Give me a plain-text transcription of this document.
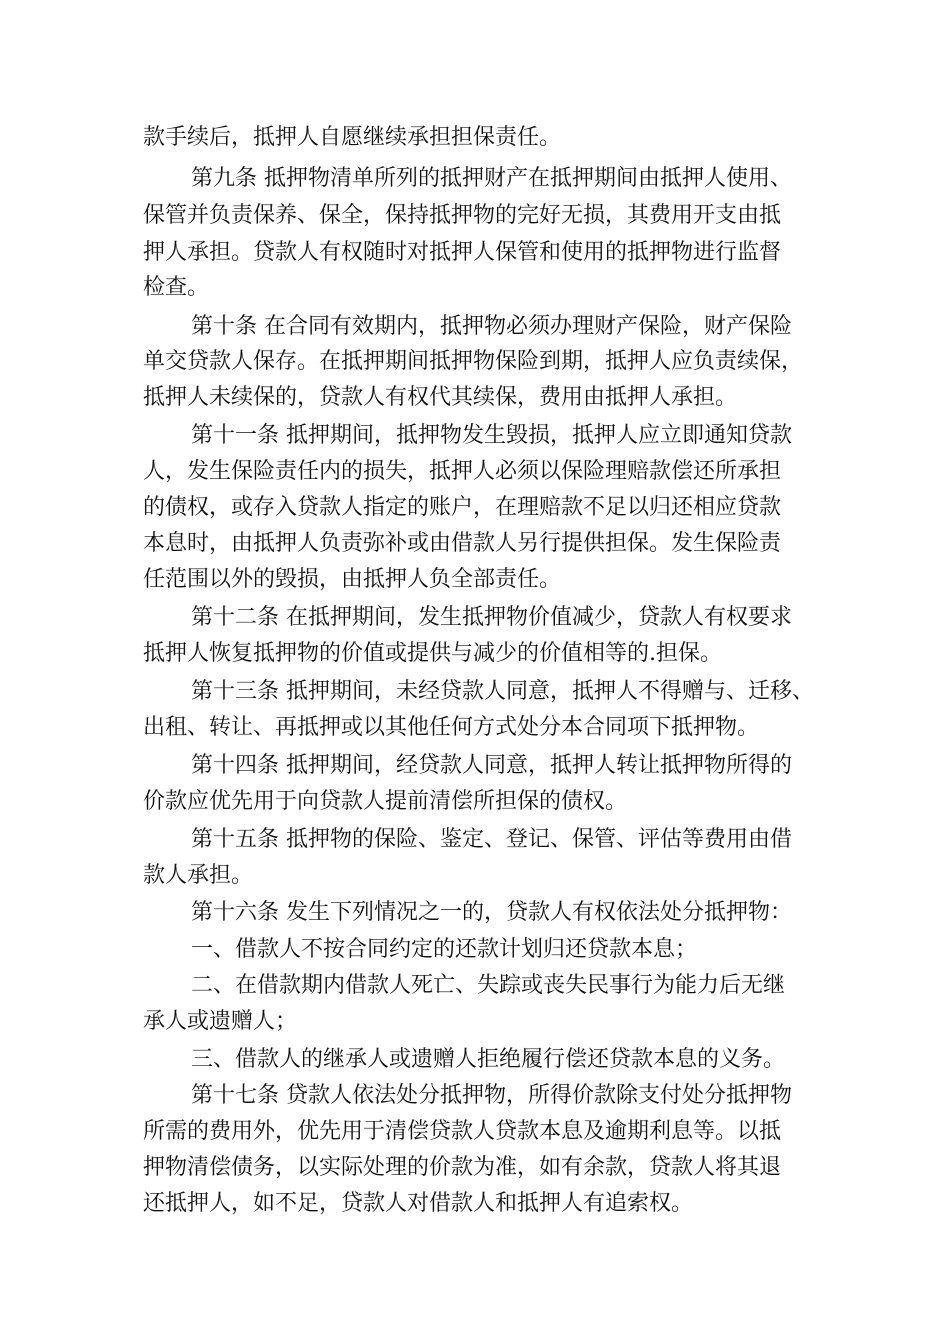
款手续后，抵押人自愿继续承担担保责任。
第九条 抵押物清单所列的抵押财产在抵押期间由抵押人使用、
保管并负责保养、保全，保持抵押物的完好无损，其费用开支由抵
押人承担。贷款人有权随时对抵押人保管和使用的抵押物进行监督
检查。
第十条 在合同有效期内，抵押物必须办理财产保险，财产保险
单交贷款人保存。在抵押期间抵押物保险到期，抵押人应负责续保，
抵押人未续保的，贷款人有权代其续保，费用由抵押人承担。
第十一条 抵押期间，抵押物发生毁损，抵押人应立即通知贷款
人，发生保险责任内的损失，抵押人必须以保险理赔款偿还所承担
的债权，或存入贷款人指定的账户，在理赔款不足以归还相应贷款
本息时，由抵押人负责弥补或由借款人另行提供担保。发生保险责
任范围以外的毁损，由抵押人负全部责任。
第十二条 在抵押期间，发生抵押物价值减少，贷款人有权要求
抵押人恢复抵押物的价值或提供与减少的价值相等的.担保。
第十三条 抵押期间，未经贷款人同意，抵押人不得赠与、迁移、
出租、转让、再抵押或以其他任何方式处分本合同项下抵押物。
第十四条 抵押期间，经贷款人同意，抵押人转让抵押物所得的
价款应优先用于向贷款人提前清偿所担保的债权。
第十五条 抵押物的保险、鉴定、登记、保管、评估等费用由借
款人承担。
第十六条 发生下列情况之一的，贷款人有权依法处分抵押物：
一、借款人不按合同约定的还款计划归还贷款本息；
二、在借款期内借款人死亡、失踪或丧失民事行为能力后无继
承人或遗赠人；
三、借款人的继承人或遗赠人拒绝履行偿还贷款本息的义务。
第十七条 贷款人依法处分抵押物，所得价款除支付处分抵押物
所需的费用外，优先用于清偿贷款人贷款本息及逾期利息等。以抵
押物清偿债务，以实际处理的价款为准，如有余款，贷款人将其退
还抵押人，如不足，贷款人对借款人和抵押人有追索权。
